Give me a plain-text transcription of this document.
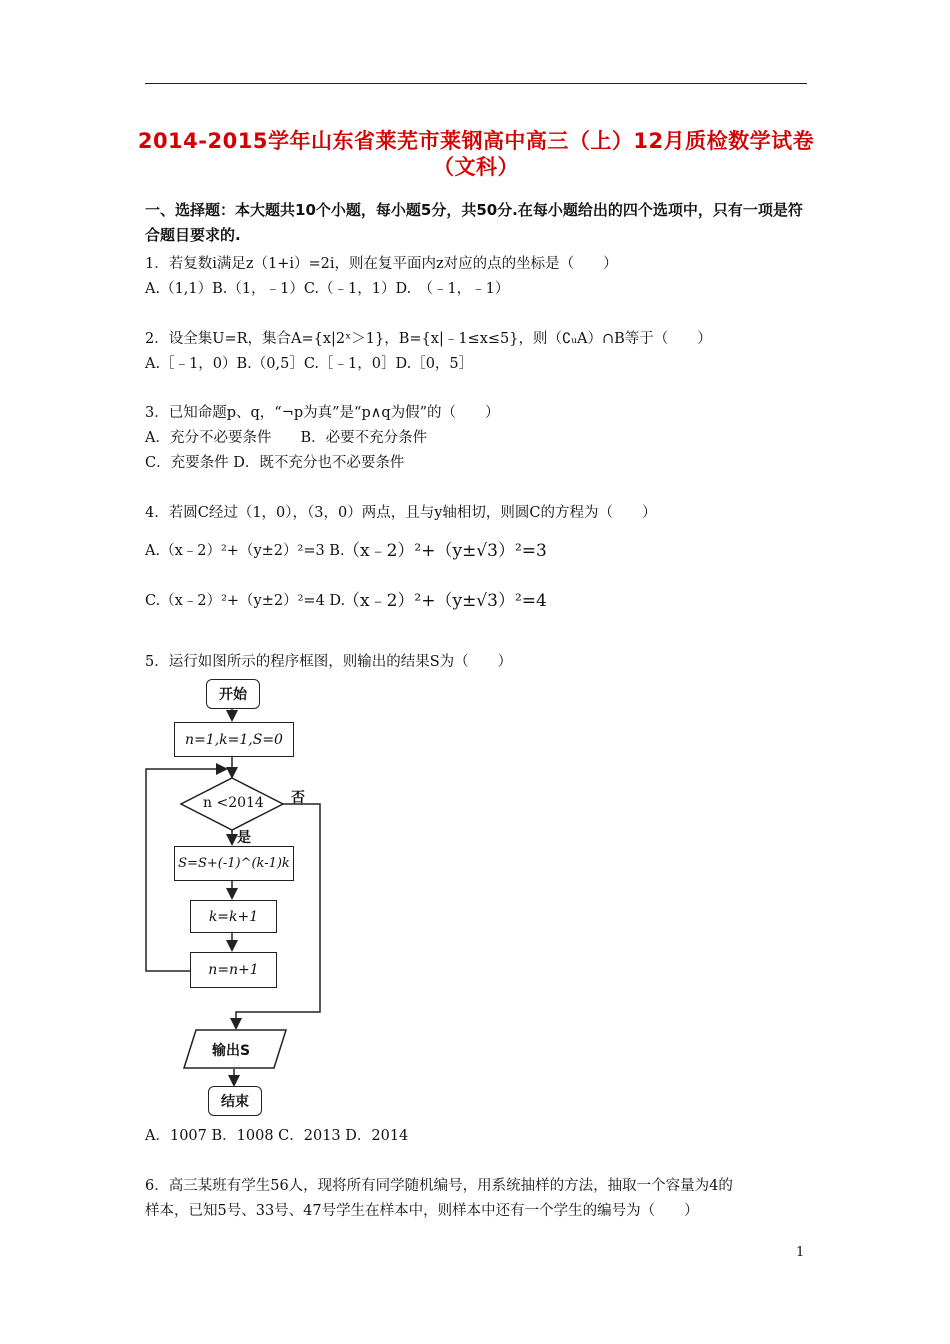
2014-2015学年山东省莱芜市莱钢高中高三（上）12月质检数学试卷
（文科）
一、选择题：本大题共10个小题，每小题5分，共50分.在每小题给出的四个选项中，只有一项是符合题目要求的.
1．若复数i满足z（1+i）=2i，则在复平面内z对应的点的坐标是（　　）
A.（1,1）B.（1，﹣1）C.（﹣1，1）D.　（﹣1，﹣1）
2．设全集U=R，集合A={x|2ˣ＞1}，B={x|﹣1≤x≤5}，则（∁ᵤA）∩B等于（　　）
A.［﹣1，0）B.（0,5］C.［﹣1，0］D.［0，5］
3．已知命题p、q，“¬p为真”是“p∧q为假”的（　　）
A．充分不必要条件　　B．必要不充分条件
C．充要条件 D．既不充分也不必要条件
4．若圆C经过（1，0），（3，0）两点，且与y轴相切，则圆C的方程为（　　）
A.（x﹣2）²+（y±2）²=3 B.
（x﹣2）²+（y±√3）²=3
C.（x﹣2）²+（y±2）²=4 D.
（x﹣2）²+（y±√3）²=4
5．运行如图所示的程序框图，则输出的结果S为（　　）
开始
n=1,k=1,S=0
n <2014 否
是
S=S+(-1)^(k-1)k
k=k+1
n=n+1
输出S
结束
A．1007 B．1008 C．2013 D．2014
6．高三某班有学生56人，现将所有同学随机编号，用系统抽样的方法，抽取一个容量为4的
样本，已知5号、33号、47号学生在样本中，则样本中还有一个学生的编号为（　　）
1
